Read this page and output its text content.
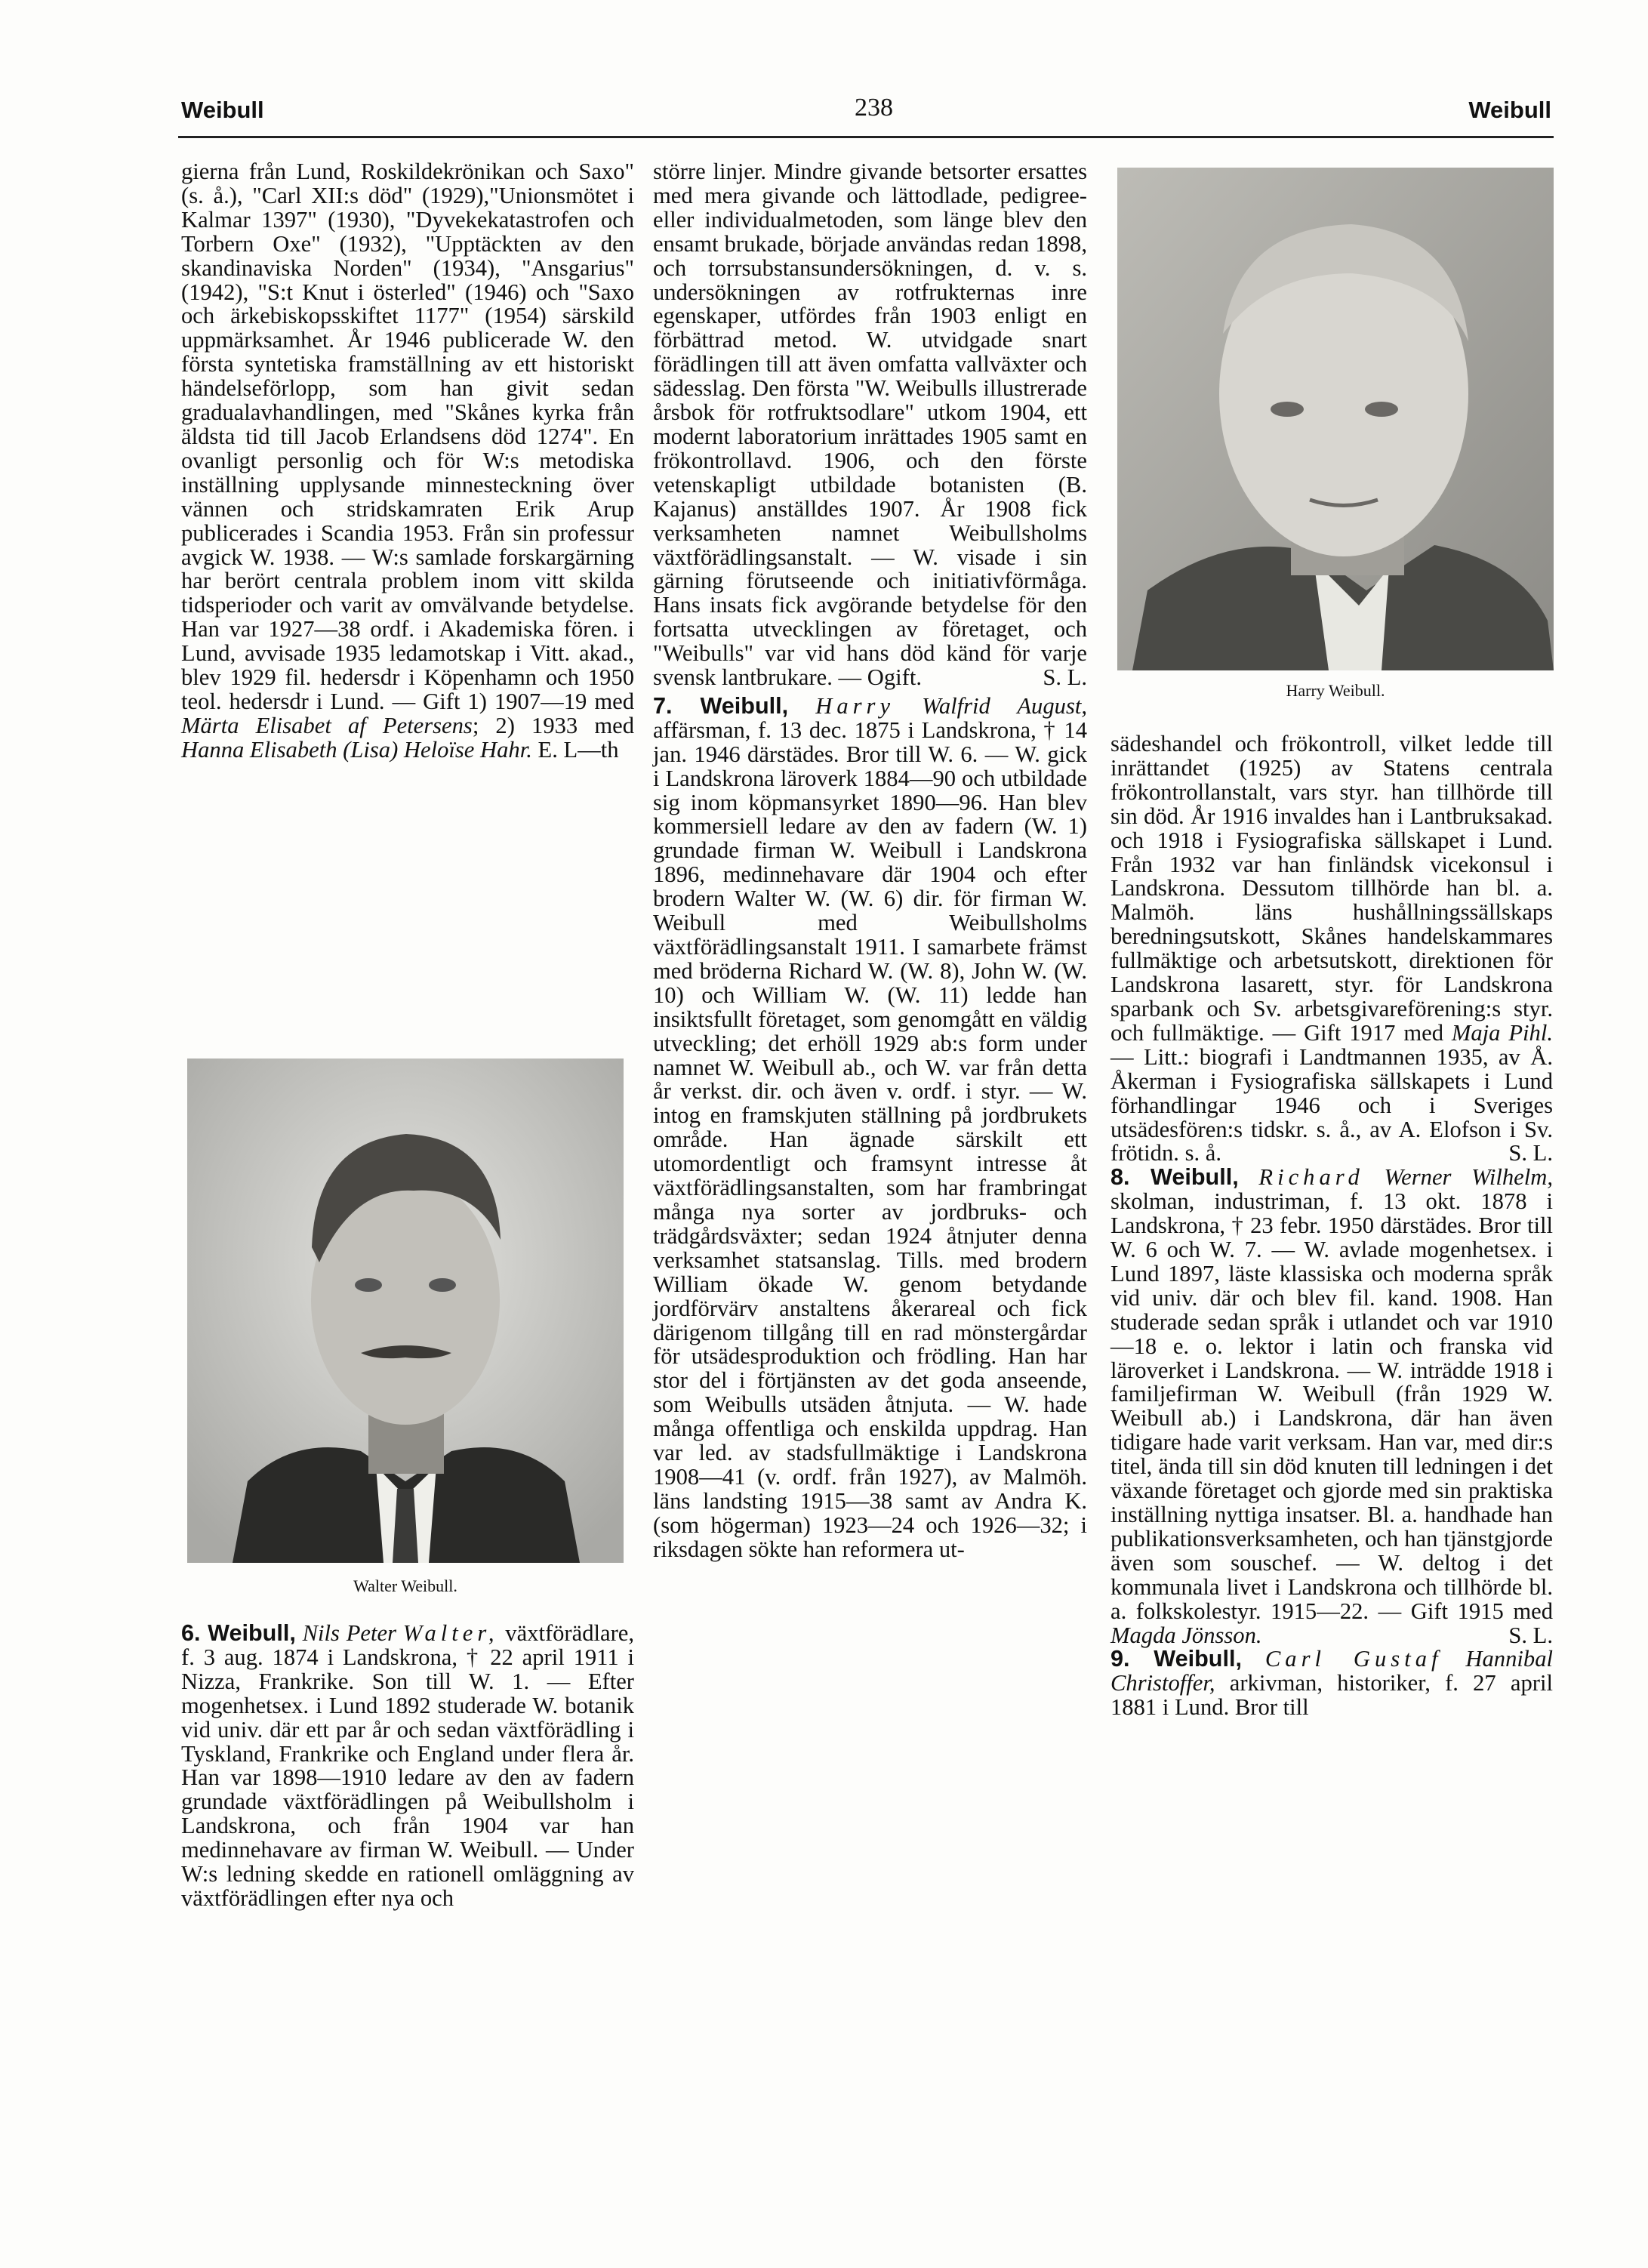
Weibull	238	Weibull

gierna från Lund, Roskildekrönikan och Saxo" (s. å.), "Carl XII:s död" (1929),"Unionsmötet i Kalmar 1397" (1930), "Dyvekekatastrofen och Torbern Oxe" (1932), "Upptäckten av den skandinaviska Norden" (1934), "Ansgarius" (1942), "S:t Knut i österled" (1946) och "Saxo och ärkebiskopsskiftet 1177" (1954) särskild uppmärksamhet. År 1946 publicerade W. den första syntetiska framställning av ett historiskt händelseförlopp, som han givit sedan gradualavhandlingen, med "Skånes kyrka från äldsta tid till Jacob Erlandsens död 1274". En ovanligt personlig och för W:s metodiska inställning upplysande minnesteckning över vännen och stridskamraten Erik Arup publicerades i Scandia 1953. Från sin professur avgick W. 1938. — W:s samlade forskargärning har berört centrala problem inom vitt skilda tidsperioder och varit av omvälvande betydelse. Han var 1927—38 ordf. i Akademiska fören. i Lund, avvisade 1935 ledamotskap i Vitt. akad., blev 1929 fil. hedersdr i Köpenhamn och 1950 teol. hedersdr i Lund. — Gift 1) 1907—19 med Märta Elisabet af Petersens; 2) 1933 med Hanna Elisabeth (Lisa) Heloïse Hahr. E. L—th

Walter Weibull.

6. Weibull, Nils Peter Walter, växtförädlare, f. 3 aug. 1874 i Landskrona, † 22 april 1911 i Nizza, Frankrike. Son till W. 1. — Efter mogenhetsex. i Lund 1892 studerade W. botanik vid univ. där ett par år och sedan växtförädling i Tyskland, Frankrike och England under flera år. Han var 1898—1910 ledare av den av fadern grundade växtförädlingen på Weibullsholm i Landskrona, och från 1904 var han medinnehavare av firman W. Weibull. — Under W:s ledning skedde en rationell omläggning av växtförädlingen efter nya och

större linjer. Mindre givande betsorter ersattes med mera givande och lättodlade, pedigree- eller individualmetoden, som länge blev den ensamt brukade, började användas redan 1898, och torrsubstansundersökningen, d. v. s. undersökningen av rotfrukternas inre egenskaper, utfördes från 1903 enligt en förbättrad metod. W. utvidgade snart förädlingen till att även omfatta vallväxter och sädesslag. Den första "W. Weibulls illustrerade årsbok för rotfruktsodlare" utkom 1904, ett modernt laboratorium inrättades 1905 samt en frökontrollavd. 1906, och den förste vetenskapligt utbildade botanisten (B. Kajanus) anställdes 1907. År 1908 fick verksamheten namnet Weibullsholms växtförädlingsanstalt. — W. visade i sin gärning förutseende och initiativförmåga. Hans insats fick avgörande betydelse för den fortsatta utvecklingen av företaget, och "Weibulls" var vid hans död känd för varje svensk lantbrukare. — Ogift.	S. L.

7. Weibull, Harry Walfrid August, affärsman, f. 13 dec. 1875 i Landskrona, † 14 jan. 1946 därstädes. Bror till W. 6. — W. gick i Landskrona läroverk 1884—90 och utbildade sig inom köpmansyrket 1890—96. Han blev kommersiell ledare av den av fadern (W. 1) grundade firman W. Weibull i Landskrona 1896, medinnehavare där 1904 och efter brodern Walter W. (W. 6) dir. för firman W. Weibull med Weibullsholms växtförädlingsanstalt 1911. I samarbete främst med bröderna Richard W. (W. 8), John W. (W. 10) och William W. (W. 11) ledde han insiktsfullt företaget, som genomgått en väldig utveckling; det erhöll 1929 ab:s form under namnet W. Weibull ab., och W. var från detta år verkst. dir. och även v. ordf. i styr. — W. intog en framskjuten ställning på jordbrukets område. Han ägnade särskilt ett utomordentligt och framsynt intresse åt växtförädlingsanstalten, som har frambringat många nya sorter av jordbruks- och trädgårdsväxter; sedan 1924 åtnjuter denna verksamhet statsanslag. Tills. med brodern William ökade W. genom betydande jordförvärv anstaltens åkerareal och fick därigenom tillgång till en rad mönstergårdar för utsädesproduktion och frödling. Han har stor del i förtjänsten av det goda anseende, som Weibulls utsäden åtnjuta. — W. hade många offentliga och enskilda uppdrag. Han var led. av stadsfullmäktige i Landskrona 1908—41 (v. ordf. från 1927), av Malmöh. läns landsting 1915—38 samt av Andra K. (som högerman) 1923—24 och 1926—32; i riksdagen sökte han reformera ut-

Harry Weibull.

sädeshandel och frökontroll, vilket ledde till inrättandet (1925) av Statens centrala frökontrollanstalt, vars styr. han tillhörde till sin död. År 1916 invaldes han i Lantbruksakad. och 1918 i Fysiografiska sällskapet i Lund. Från 1932 var han finländsk vicekonsul i Landskrona. Dessutom tillhörde han bl. a. Malmöh. läns hushållningssällskaps beredningsutskott, Skånes handelskammares fullmäktige och arbetsutskott, direktionen för Landskrona lasarett, styr. för Landskrona sparbank och Sv. arbetsgivareförening:s styr. och fullmäktige. — Gift 1917 med Maja Pihl. — Litt.: biografi i Landtmannen 1935, av Å. Åkerman i Fysiografiska sällskapets i Lund förhandlingar 1946 och i Sveriges utsädesfören:s tidskr. s. å., av A. Elofson i Sv. frötidn. s. å.	S. L.

8. Weibull, Richard Werner Wilhelm, skolman, industriman, f. 13 okt. 1878 i Landskrona, † 23 febr. 1950 därstädes. Bror till W. 6 och W. 7. — W. avlade mogenhetsex. i Lund 1897, läste klassiska och moderna språk vid univ. där och blev fil. kand. 1908. Han studerade sedan språk i utlandet och var 1910—18 e. o. lektor i latin och franska vid läroverket i Landskrona. — W. inträdde 1918 i familjefirman W. Weibull (från 1929 W. Weibull ab.) i Landskrona, där han även tidigare hade varit verksam. Han var, med dir:s titel, ända till sin död knuten till ledningen i det växande företaget och gjorde med sin praktiska inställning nyttiga insatser. Bl. a. handhade han publikationsverksamheten, och han tjänstgjorde även som souschef. — W. deltog i det kommunala livet i Landskrona och tillhörde bl. a. folkskolestyr. 1915—22. — Gift 1915 med Magda Jönsson.	S. L.

9. Weibull, Carl Gustaf Hannibal Christoffer, arkivman, historiker, f. 27 april 1881 i Lund. Bror till
